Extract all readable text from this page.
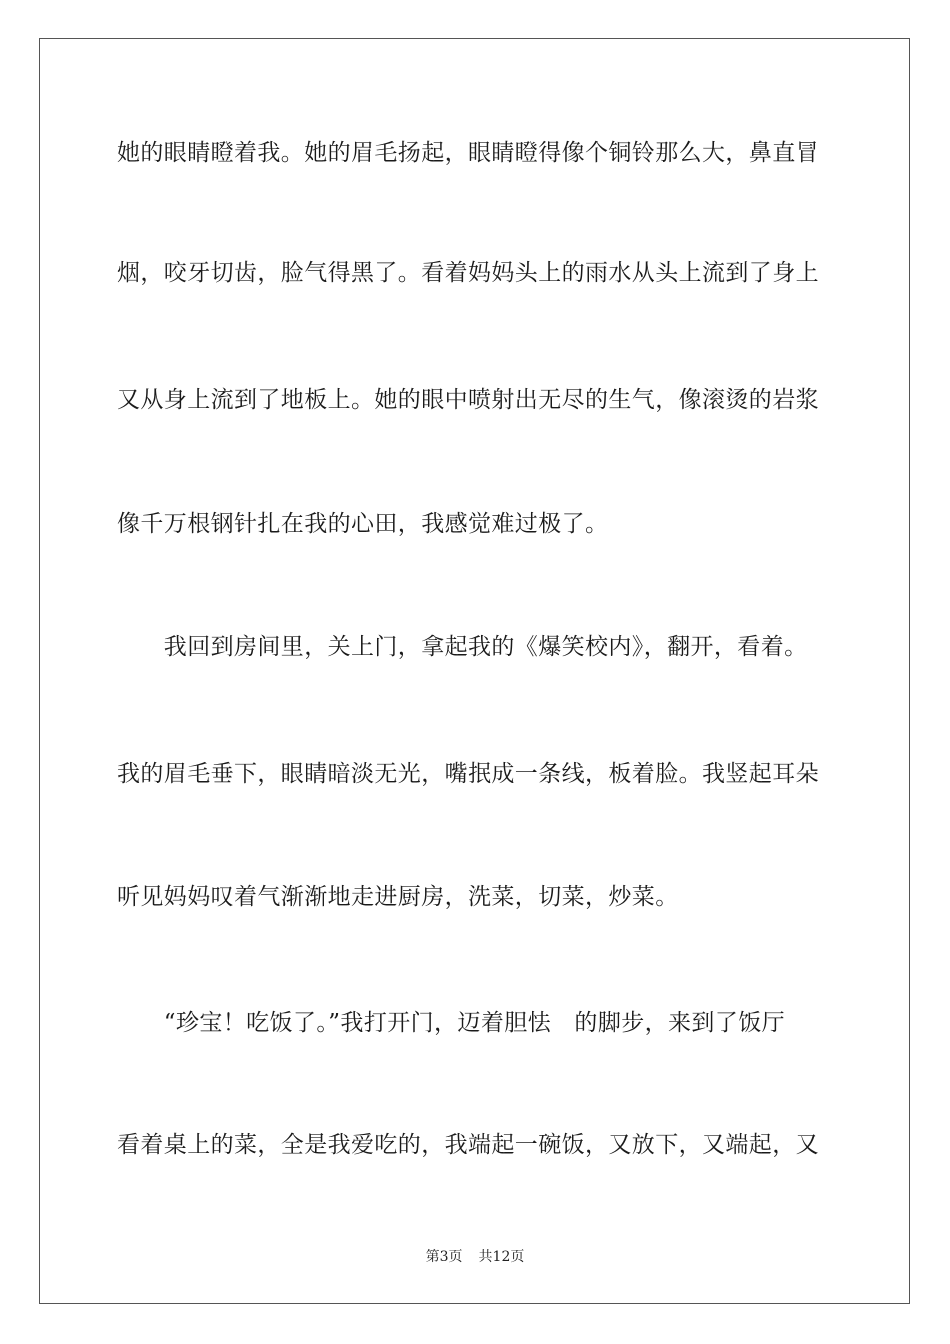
她的眼睛瞪着我。她的眉毛扬起，眼睛瞪得像个铜铃那么大，鼻直冒
烟，咬牙切齿，脸气得黑了。看着妈妈头上的雨水从头上流到了身上
又从身上流到了地板上。她的眼中喷射出无尽的生气，像滚烫的岩浆
像千万根钢针扎在我的心田，我感觉难过极了。
　　我回到房间里，关上门，拿起我的《爆笑校内》，翻开，看着。
我的眉毛垂下，眼睛暗淡无光，嘴抿成一条线，板着脸。我竖起耳朵
听见妈妈叹着气渐渐地走进厨房，洗菜，切菜，炒菜。
　　“珍宝！吃饭了。”我打开门，迈着胆怯　的脚步，来到了饭厅
看着桌上的菜，全是我爱吃的，我端起一碗饭，又放下，又端起，又
第3页 共12页
